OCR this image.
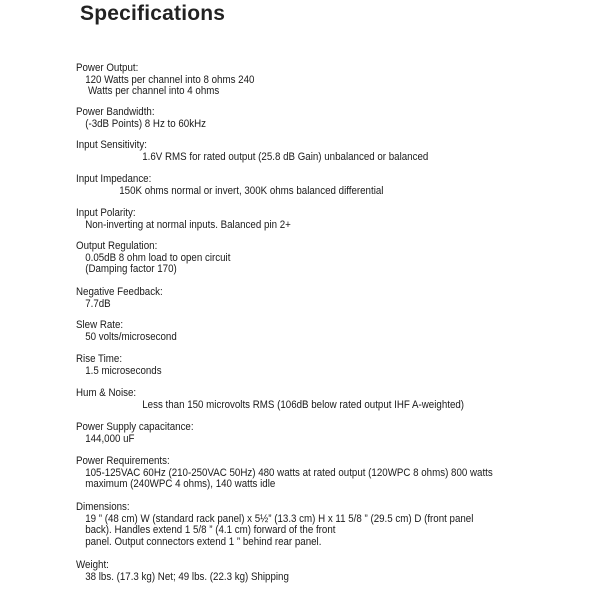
Specifications
Power Output:
120 Watts per channel into 8 ohms 240
Watts per channel into 4 ohms
Power Bandwidth:
(-3dB Points) 8 Hz to 60kHz
Input Sensitivity:
1.6V RMS for rated output (25.8 dB Gain) unbalanced or balanced
Input Impedance:
150K ohms normal or invert, 300K ohms balanced differential
Input Polarity:
Non-inverting at normal inputs. Balanced pin 2+
Output Regulation:
0.05dB 8 ohm load to open circuit
(Damping factor 170)
Negative Feedback:
7.7dB
Slew Rate:
50 volts/microsecond
Rise Time:
1.5 microseconds
Hum & Noise:
Less than 150 microvolts RMS (106dB below rated output IHF A-weighted)
Power Supply capacitance:
144,000 uF
Power Requirements:
105-125VAC 60Hz (210-250VAC 50Hz) 480 watts at rated output (120WPC 8 ohms) 800 watts
maximum (240WPC 4 ohms), 140 watts idle
Dimensions:
19 ” (48 cm) W (standard rack panel) x 5½” (13.3 cm) H x 11 5/8 ” (29.5 cm) D (front panel
back). Handles extend 1 5/8 ” (4.1 cm) forward of the front
panel. Output connectors extend 1 ” behind rear panel.
Weight:
38 lbs. (17.3 kg) Net; 49 lbs. (22.3 kg) Shipping
